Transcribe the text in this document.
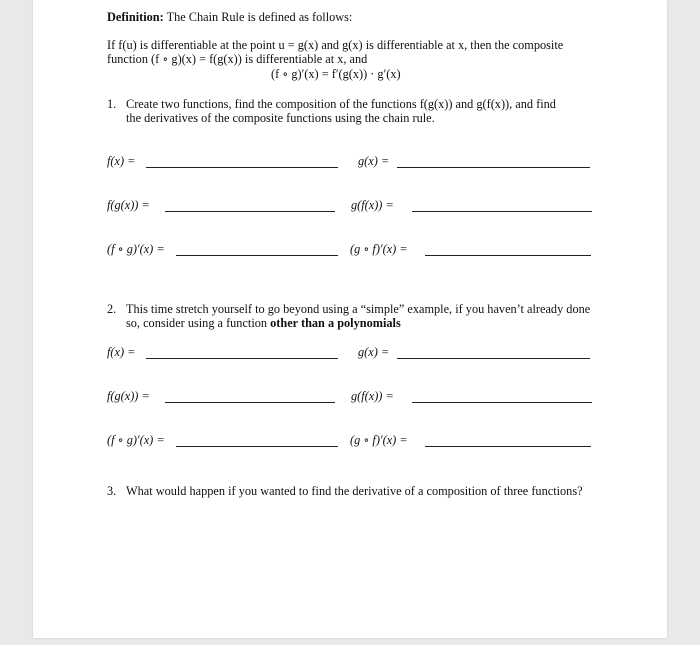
Definition: The Chain Rule is defined as follows:
If f(u) is differentiable at the point u = g(x) and g(x) is differentiable at x, then the composite
function (f ∘ g)(x) = f(g(x)) is differentiable at x, and
(f ∘ g)′(x) = f′(g(x)) · g′(x)
1. Create two functions, find the composition of the functions f(g(x)) and g(f(x)), and find
the derivatives of the composite functions using the chain rule.
f(x) =	g(x) =
f(g(x)) =	g(f(x)) =
(f ∘ g)′(x) =	(g ∘ f)′(x) =
2. This time stretch yourself to go beyond using a “simple” example, if you haven’t already done
so, consider using a function other than a polynomials
f(x) =	g(x) =
f(g(x)) =	g(f(x)) =
(f ∘ g)′(x) =	(g ∘ f)′(x) =
3. What would happen if you wanted to find the derivative of a composition of three functions?
